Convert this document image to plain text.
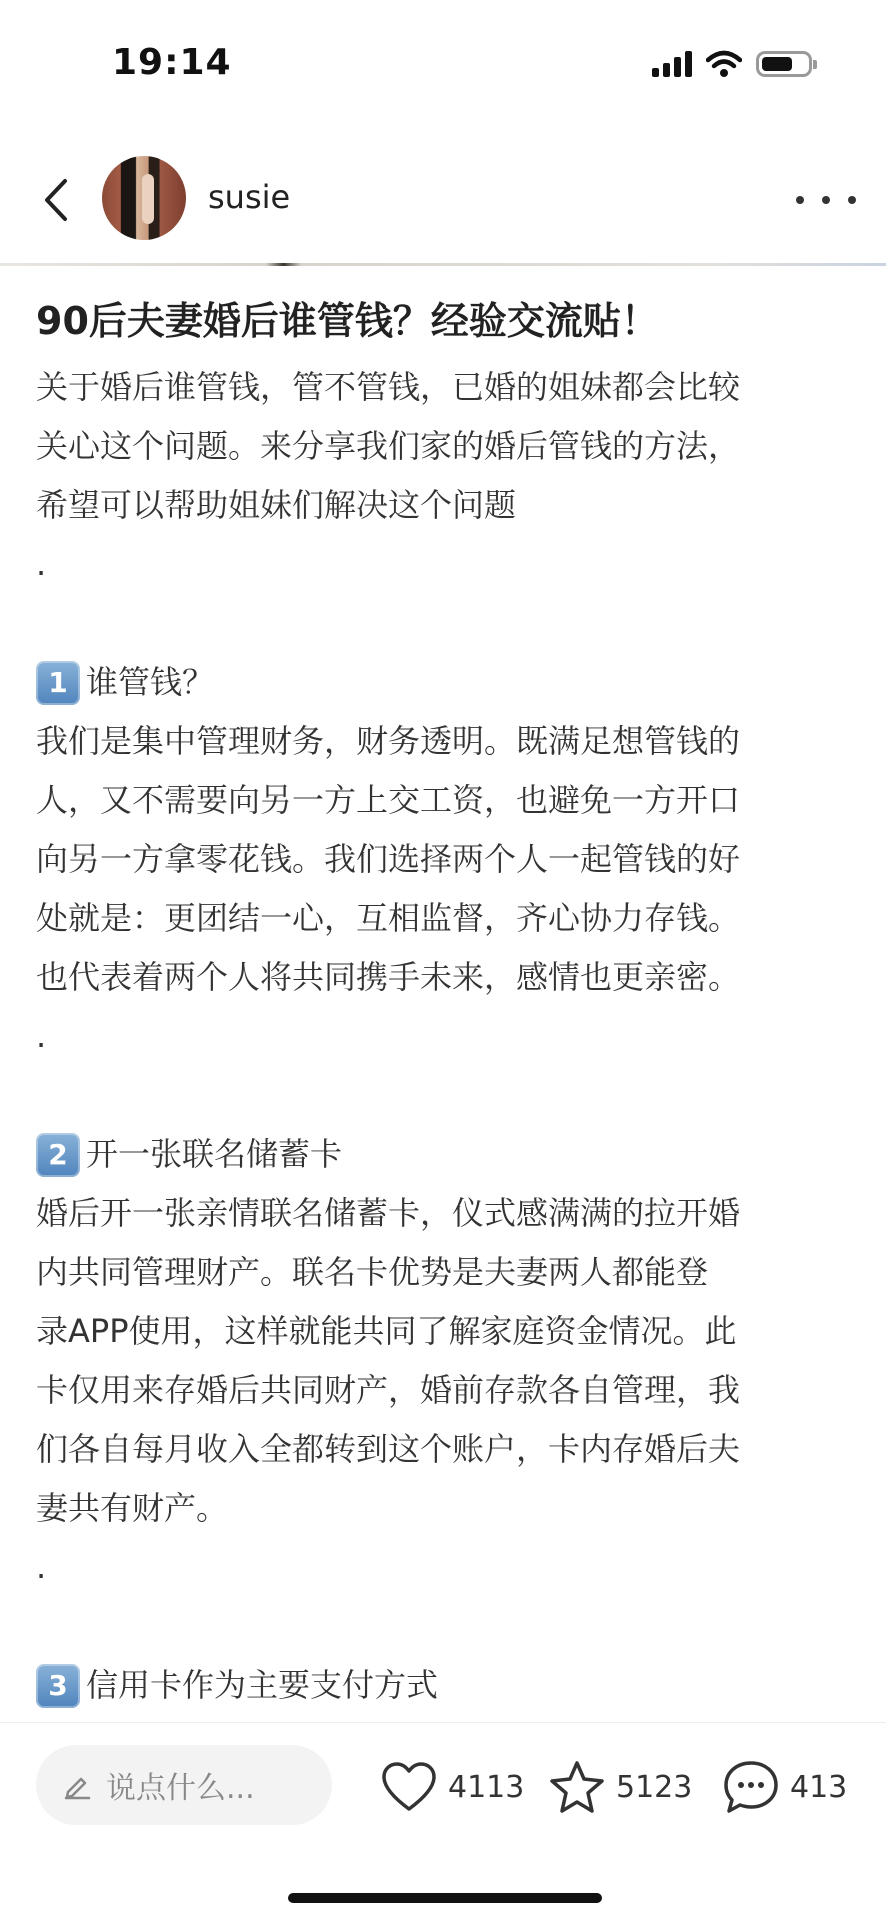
19:14
susie
90后夫妻婚后谁管钱？经验交流贴！
关于婚后谁管钱，管不管钱，已婚的姐妹都会比较
关心这个问题。来分享我们家的婚后管钱的方法，
希望可以帮助姐妹们解决这个问题
.
1 谁管钱？
我们是集中管理财务，财务透明。既满足想管钱的
人，又不需要向另一方上交工资，也避免一方开口
向另一方拿零花钱。我们选择两个人一起管钱的好
处就是：更团结一心，互相监督，齐心协力存钱。
也代表着两个人将共同携手未来，感情也更亲密。
.
2 开一张联名储蓄卡
婚后开一张亲情联名储蓄卡，仪式感满满的拉开婚
内共同管理财产。联名卡优势是夫妻两人都能登
录APP使用，这样就能共同了解家庭资金情况。此
卡仅用来存婚后共同财产，婚前存款各自管理，我
们各自每月收入全都转到这个账户，卡内存婚后夫
妻共有财产。
.
3 信用卡作为主要支付方式
说点什么...	4113	5123	413
